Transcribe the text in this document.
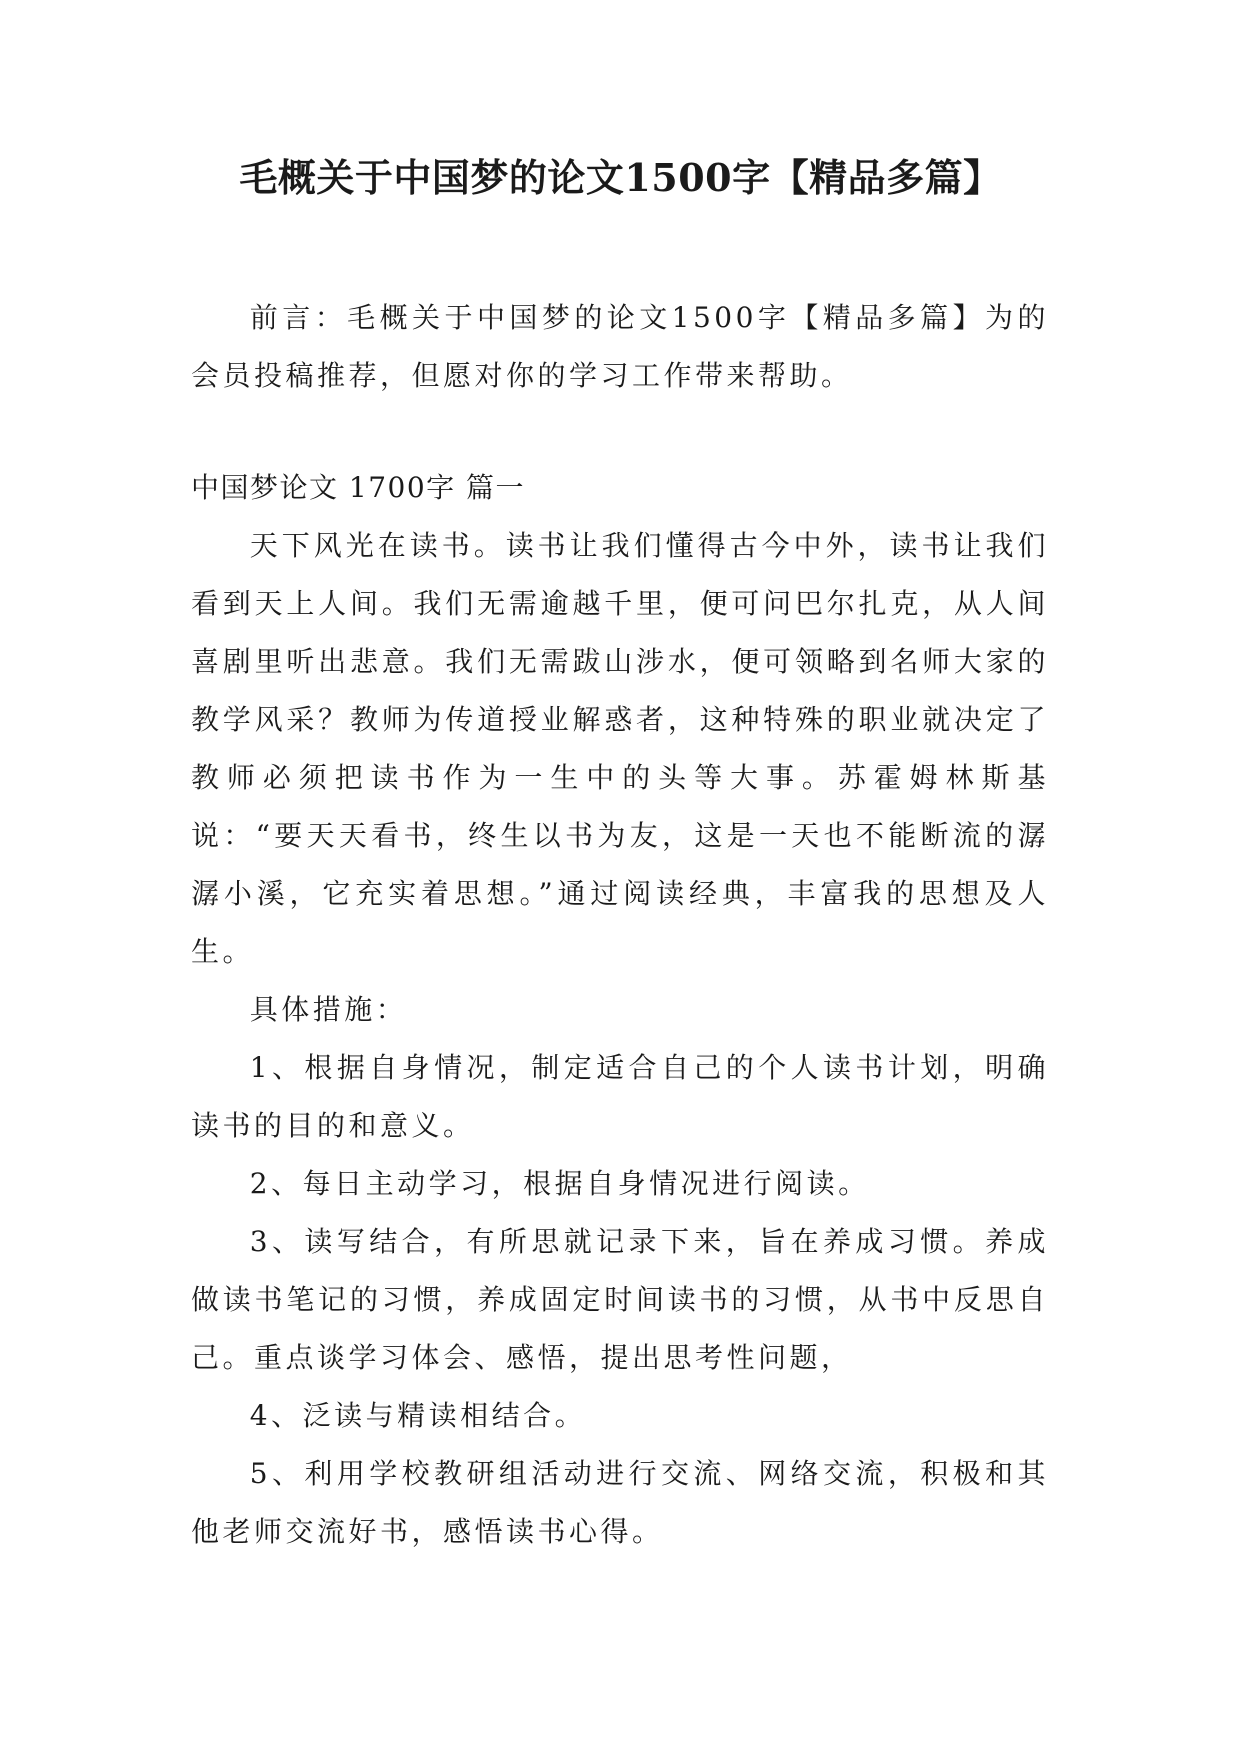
毛概关于中国梦的论文1500字【精品多篇】

前言：毛概关于中国梦的论文1500字【精品多篇】为的会员投稿推荐，但愿对你的学习工作带来帮助。

中国梦论文 1700字 篇一

天下风光在读书。读书让我们懂得古今中外，读书让我们看到天上人间。我们无需逾越千里，便可问巴尔扎克，从人间喜剧里听出悲意。我们无需跋山涉水，便可领略到名师大家的教学风采？教师为传道授业解惑者，这种特殊的职业就决定了教师必须把读书作为一生中的头等大事。苏霍姆林斯基说：“要天天看书，终生以书为友，这是一天也不能断流的潺潺小溪，它充实着思想。”通过阅读经典，丰富我的思想及人生。

具体措施：

1、根据自身情况，制定适合自己的个人读书计划，明确读书的目的和意义。

2、每日主动学习，根据自身情况进行阅读。

3、读写结合，有所思就记录下来，旨在养成习惯。养成做读书笔记的习惯，养成固定时间读书的习惯，从书中反思自己。重点谈学习体会、感悟，提出思考性问题，

4、泛读与精读相结合。

5、利用学校教研组活动进行交流、网络交流，积极和其他老师交流好书，感悟读书心得。
